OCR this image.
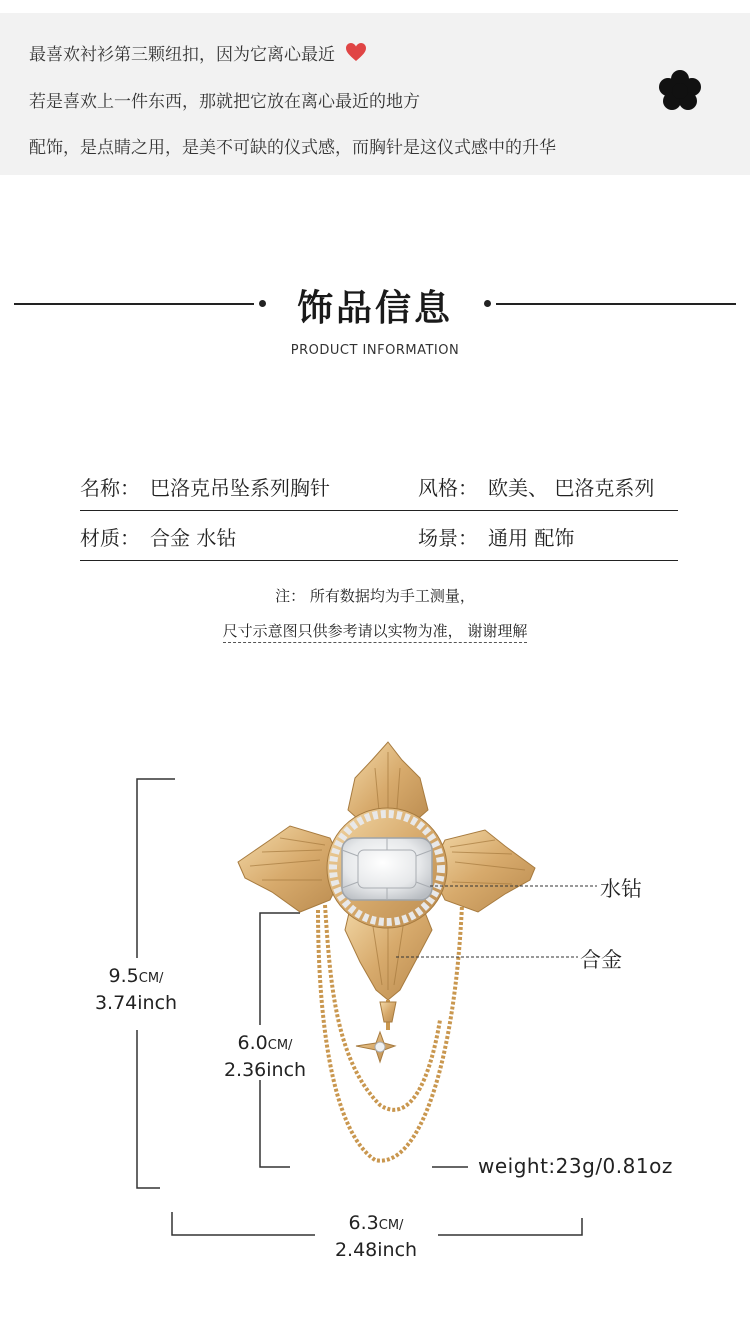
最喜欢衬衫第三颗纽扣，因为它离心最近
若是喜欢上一件东西，那就把它放在离心最近的地方
配饰，是点睛之用，是美不可缺的仪式感，而胸针是这仪式感中的升华
饰品信息
PRODUCT INFORMATION
名称： 巴洛克吊坠系列胸针	风格： 欧美、 巴洛克系列
材质： 合金 水钻	场景： 通用 配饰
注： 所有数据均为手工测量，
尺寸示意图只供参考请以实物为准， 谢谢理解
9.5CM/
3.74inch
6.0CM/
2.36inch
6.3CM/
2.48inch
水钻
合金
weight:23g/0.81oz
